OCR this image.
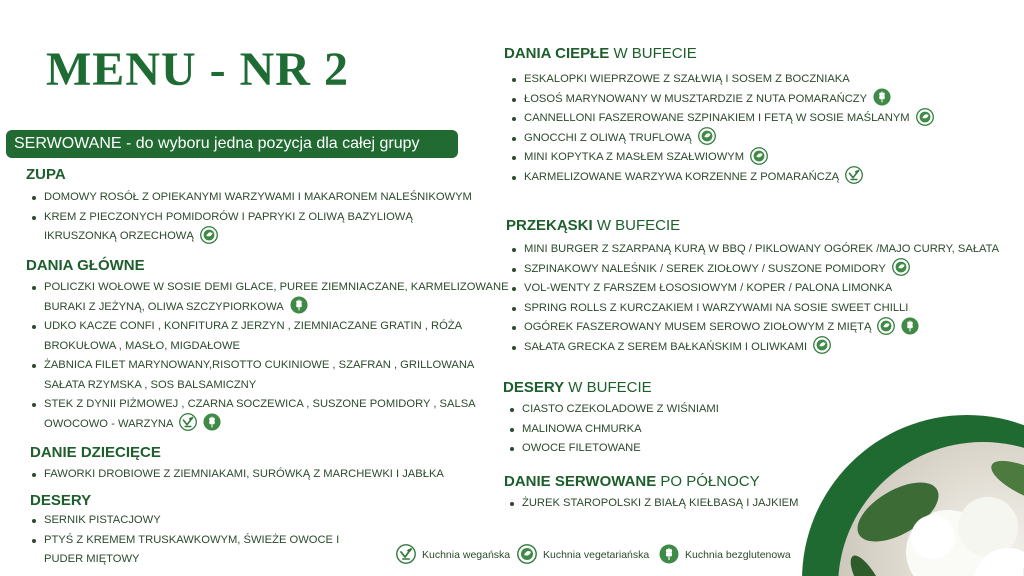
MENU - NR 2
SERWOWANE - do wyboru jedna pozycja dla całej grupy
ZUPA
DOMOWY ROSÓŁ Z OPIEKANYMI WARZYWAMI I MAKARONEM NALEŚNIKOWYM
KREM Z PIECZONYCH POMIDORÓW I PAPRYKI Z OLIWĄ BAZYLIOWĄ
IKRUSZONKĄ ORZECHOWĄ
DANIA GŁÓWNE
POLICZKI WOŁOWE W SOSIE DEMI GLACE, PUREE ZIEMNIACZANE, KARMELIZOWANE
BURAKI Z JEŻYNĄ, OLIWA SZCZYPIORKOWA
UDKO KACZE CONFI , KONFITURA Z JERZYN , ZIEMNIACZANE GRATIN , RÓŻA
BROKUŁOWA , MASŁO, MIGDAŁOWE
ŻABNICA FILET MARYNOWANY,RISOTTO CUKINIOWE , SZAFRAN , GRILLOWANA
SAŁATA RZYMSKA , SOS BALSAMICZNY
STEK Z DYNII PIŻMOWEJ , CZARNA SOCZEWICA , SUSZONE POMIDORY , SALSA
OWOCOWO - WARZYNA
DANIE DZIECIĘCE
FAWORKI DROBIOWE Z ZIEMNIAKAMI, SURÓWKĄ Z MARCHEWKI I JABŁKA
DESERY
SERNIK PISTACJOWY
PTYŚ Z KREMEM TRUSKAWKOWYM, ŚWIEŻE OWOCE I
PUDER MIĘTOWY
DANIA CIEPŁE W BUFECIE
ESKALOPKI WIEPRZOWE Z SZAŁWIĄ I SOSEM Z BOCZNIAKA
ŁOSOŚ MARYNOWANY W MUSZTARDZIE Z NUTA POMARAŃCZY
CANNELLONI FASZEROWANE SZPINAKIEM I FETĄ W SOSIE MAŚLANYM
GNOCCHI Z OLIWĄ TRUFLOWĄ
MINI KOPYTKA Z MASŁEM SZAŁWIOWYM
KARMELIZOWANE WARZYWA KORZENNE Z POMARAŃCZĄ
PRZEKĄSKI W BUFECIE
MINI BURGER Z SZARPANĄ KURĄ W BBQ / PIKLOWANY OGÓREK /MAJO CURRY, SAŁATA
SZPINAKOWY NALEŚNIK / SEREK ZIOŁOWY / SUSZONE POMIDORY
VOL-WENTY Z FARSZEM ŁOSOSIOWYM / KOPER / PALONA LIMONKA
SPRING ROLLS Z KURCZAKIEM I WARZYWAMI NA SOSIE SWEET CHILLI
OGÓREK FASZEROWANY MUSEM SEROWO ZIOŁOWYM Z MIĘTĄ
SAŁATA GRECKA Z SEREM BAŁKAŃSKIM I OLIWKAMI
DESERY W BUFECIE
CIASTO CZEKOLADOWE Z WIŚNIAMI
MALINOWA CHMURKA
OWOCE FILETOWANE
DANIE SERWOWANE PO PÓŁNOCY
ŻUREK STAROPOLSKI Z BIAŁĄ KIEŁBASĄ I JAJKIEM
Kuchnia wegańska	Kuchnia vegetariańska	Kuchnia bezglutenowa
